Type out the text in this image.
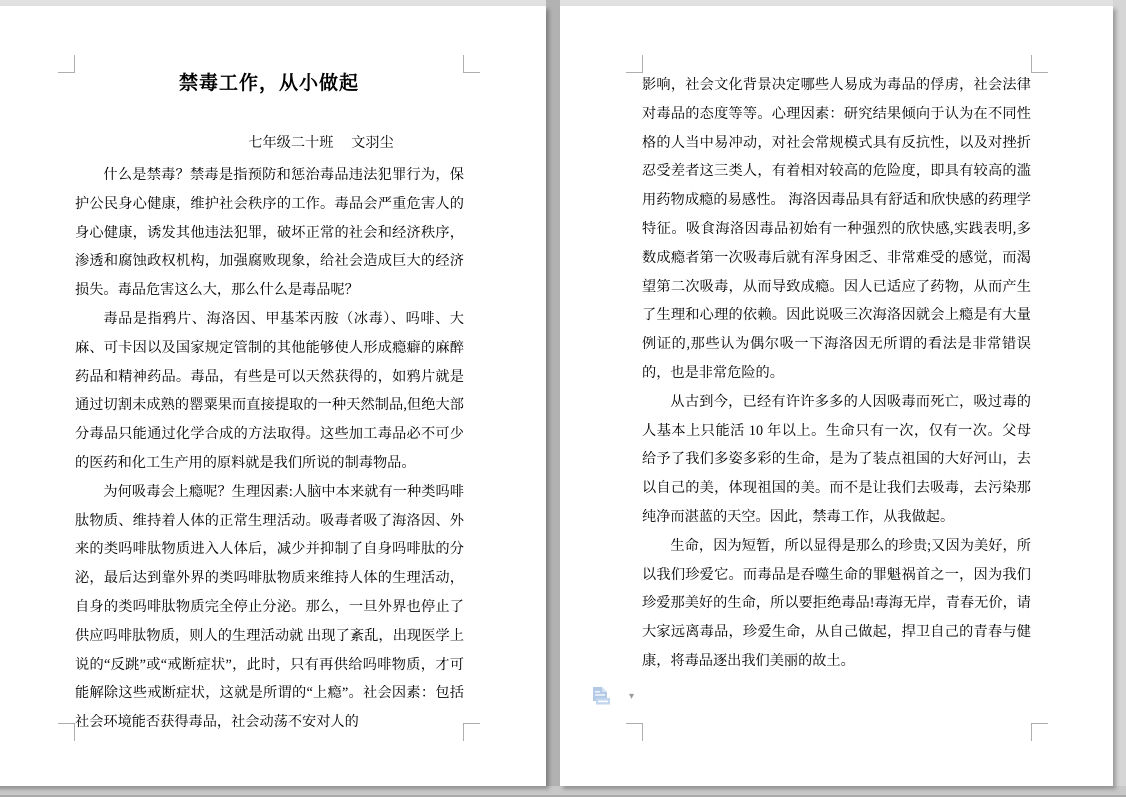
禁毒工作，从小做起
七年级二十班　 文羽尘

什么是禁毒？禁毒是指预防和惩治毒品违法犯罪行为，保护公民身心健康，维护社会秩序的工作。毒品会严重危害人的身心健康，诱发其他违法犯罪，破坏正常的社会和经济秩序，渗透和腐蚀政权机构，加强腐败现象，给社会造成巨大的经济损失。毒品危害这么大，那么什么是毒品呢？

毒品是指鸦片、海洛因、甲基苯丙胺（冰毒）、吗啡、大麻、可卡因以及国家规定管制的其他能够使人形成瘾癖的麻醉药品和精神药品。毒品，有些是可以天然获得的，如鸦片就是通过切割未成熟的罂粟果而直接提取的一种天然制品,但绝大部分毒品只能通过化学合成的方法取得。这些加工毒品必不可少的医药和化工生产用的原料就是我们所说的制毒物品。

为何吸毒会上瘾呢？生理因素:人脑中本来就有一种类吗啡肽物质、维持着人体的正常生理活动。吸毒者吸了海洛因、外来的类吗啡肽物质进入人体后，减少并抑制了自身吗啡肽的分泌，最后达到靠外界的类吗啡肽物质来维持人体的生理活动，自身的类吗啡肽物质完全停止分泌。那么，一旦外界也停止了供应吗啡肽物质，则人的生理活动就 出现了紊乱，出现医学上说的“反跳”或“戒断症状”，此时，只有再供给吗啡物质，才可能解除这些戒断症状，这就是所谓的“上瘾”。社会因素：包括社会环境能否获得毒品，社会动荡不安对人的

影响，社会文化背景决定哪些人易成为毒品的俘虏，社会法律对毒品的态度等等。心理因素：研究结果倾向于认为在不同性格的人当中易冲动，对社会常规模式具有反抗性，以及对挫折忍受差者这三类人，有着相对较高的危险度，即具有较高的滥用药物成瘾的易感性。 海洛因毒品具有舒适和欣快感的药理学特征。吸食海洛因毒品初始有一种强烈的欣快感,实践表明,多数成瘾者第一次吸毒后就有浑身困乏、非常难受的感觉，而渴望第二次吸毒，从而导致成瘾。因人已适应了药物，从而产生了生理和心理的依赖。因此说吸三次海洛因就会上瘾是有大量例证的,那些认为偶尔吸一下海洛因无所谓的看法是非常错误的，也是非常危险的。

从古到今，已经有许许多多的人因吸毒而死亡，吸过毒的人基本上只能活 10 年以上。生命只有一次，仅有一次。父母给予了我们多姿多彩的生命，是为了装点祖国的大好河山，去以自己的美，体现祖国的美。而不是让我们去吸毒，去污染那纯净而湛蓝的天空。因此，禁毒工作，从我做起。

生命，因为短暂，所以显得是那么的珍贵;又因为美好，所以我们珍爱它。而毒品是吞噬生命的罪魁祸首之一，因为我们珍爱那美好的生命，所以要拒绝毒品!毒海无岸，青春无价，请大家远离毒品，珍爱生命，从自己做起，捍卫自己的青春与健康，将毒品逐出我们美丽的故土。

▾
